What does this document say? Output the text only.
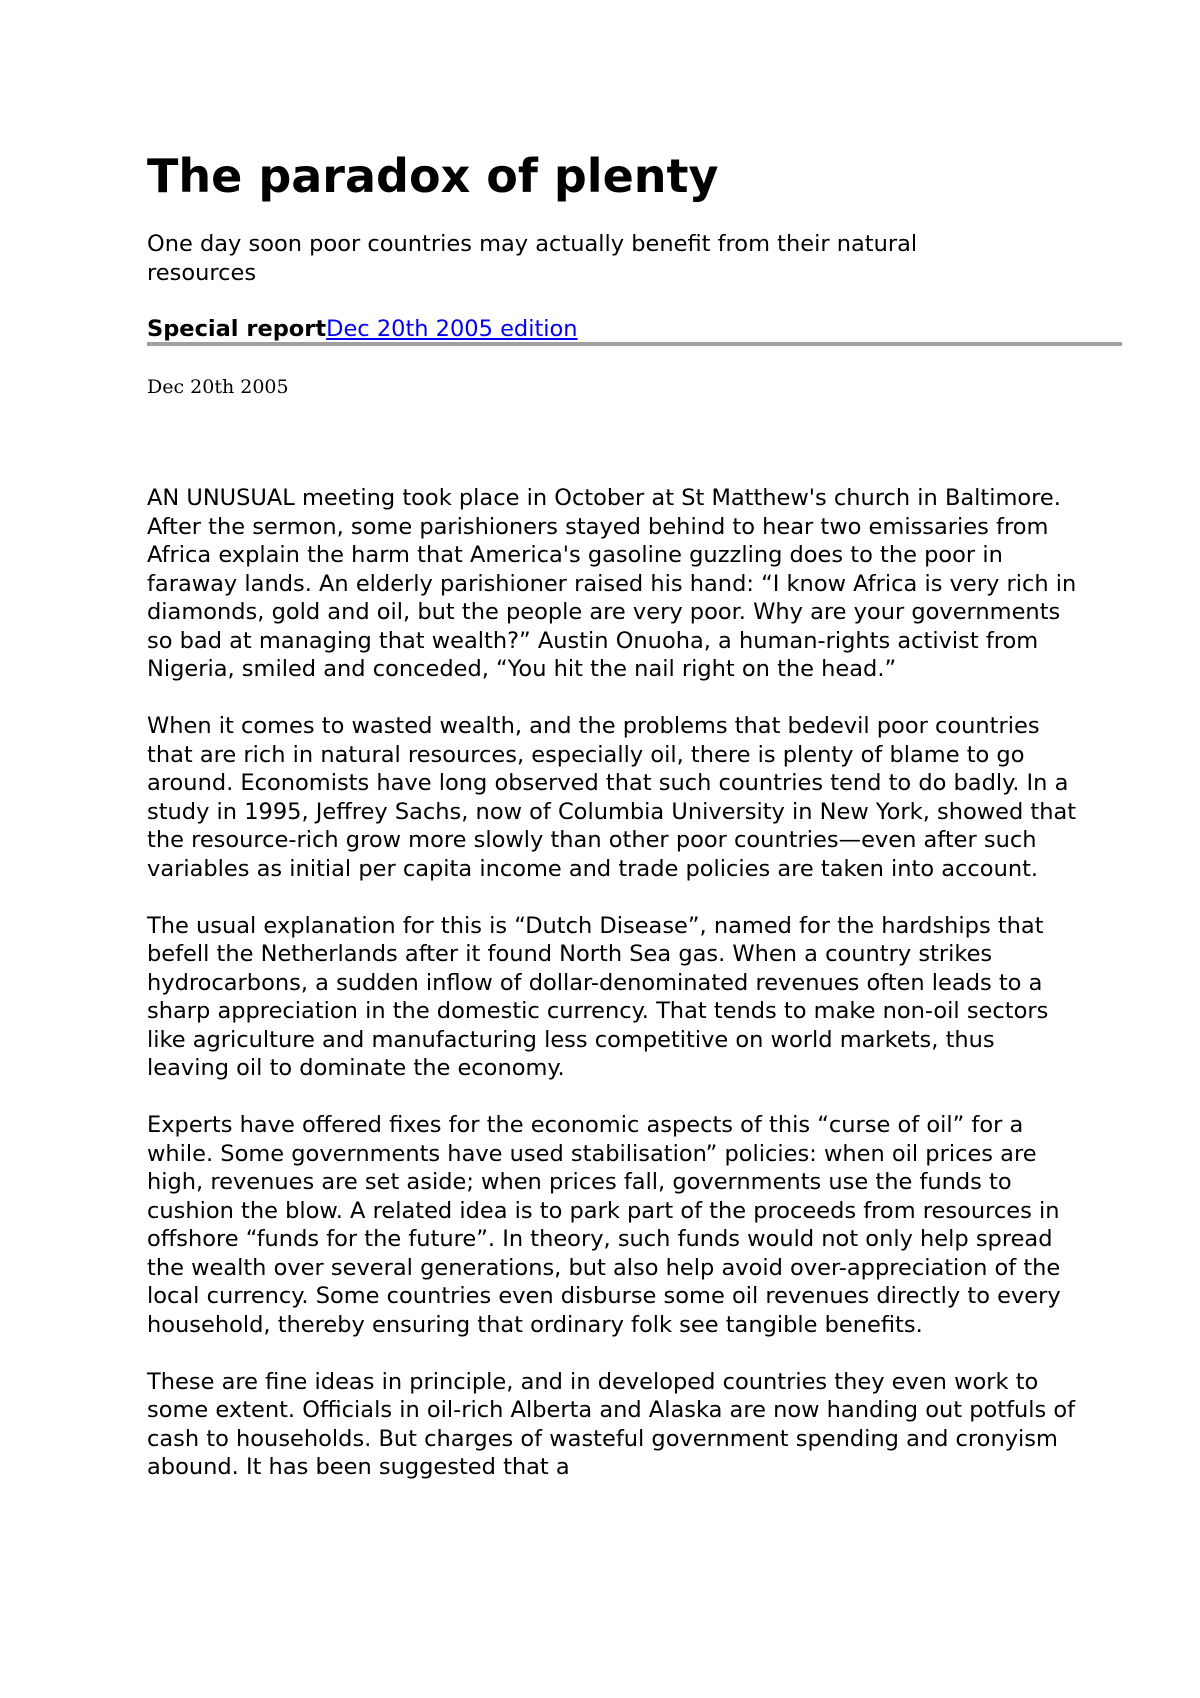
The paradox of plenty

One day soon poor countries may actually benefit from their natural resources

Special reportDec 20th 2005 edition
Dec 20th 2005

AN UNUSUAL meeting took place in October at St Matthew's church in Baltimore. After the sermon, some parishioners stayed behind to hear two emissaries from Africa explain the harm that America's gasoline guzzling does to the poor in faraway lands. An elderly parishioner raised his hand: “I know Africa is very rich in diamonds, gold and oil, but the people are very poor. Why are your governments so bad at managing that wealth?” Austin Onuoha, a human-rights activist from Nigeria, smiled and conceded, “You hit the nail right on the head.”

When it comes to wasted wealth, and the problems that bedevil poor countries that are rich in natural resources, especially oil, there is plenty of blame to go around. Economists have long observed that such countries tend to do badly. In a study in 1995, Jeffrey Sachs, now of Columbia University in New York, showed that the resource-rich grow more slowly than other poor countries—even after such variables as initial per capita income and trade policies are taken into account.

The usual explanation for this is “Dutch Disease”, named for the hardships that befell the Netherlands after it found North Sea gas. When a country strikes hydrocarbons, a sudden inflow of dollar-denominated revenues often leads to a sharp appreciation in the domestic currency. That tends to make non-oil sectors like agriculture and manufacturing less competitive on world markets, thus leaving oil to dominate the economy.

Experts have offered fixes for the economic aspects of this “curse of oil” for a while. Some governments have used stabilisation” policies: when oil prices are high, revenues are set aside; when prices fall, governments use the funds to cushion the blow. A related idea is to park part of the proceeds from resources in offshore “funds for the future”. In theory, such funds would not only help spread the wealth over several generations, but also help avoid over-appreciation of the local currency. Some countries even disburse some oil revenues directly to every household, thereby ensuring that ordinary folk see tangible benefits.

These are fine ideas in principle, and in developed countries they even work to some extent. Officials in oil-rich Alberta and Alaska are now handing out potfuls of cash to households. But charges of wasteful government spending and cronyism abound. It has been suggested that a
